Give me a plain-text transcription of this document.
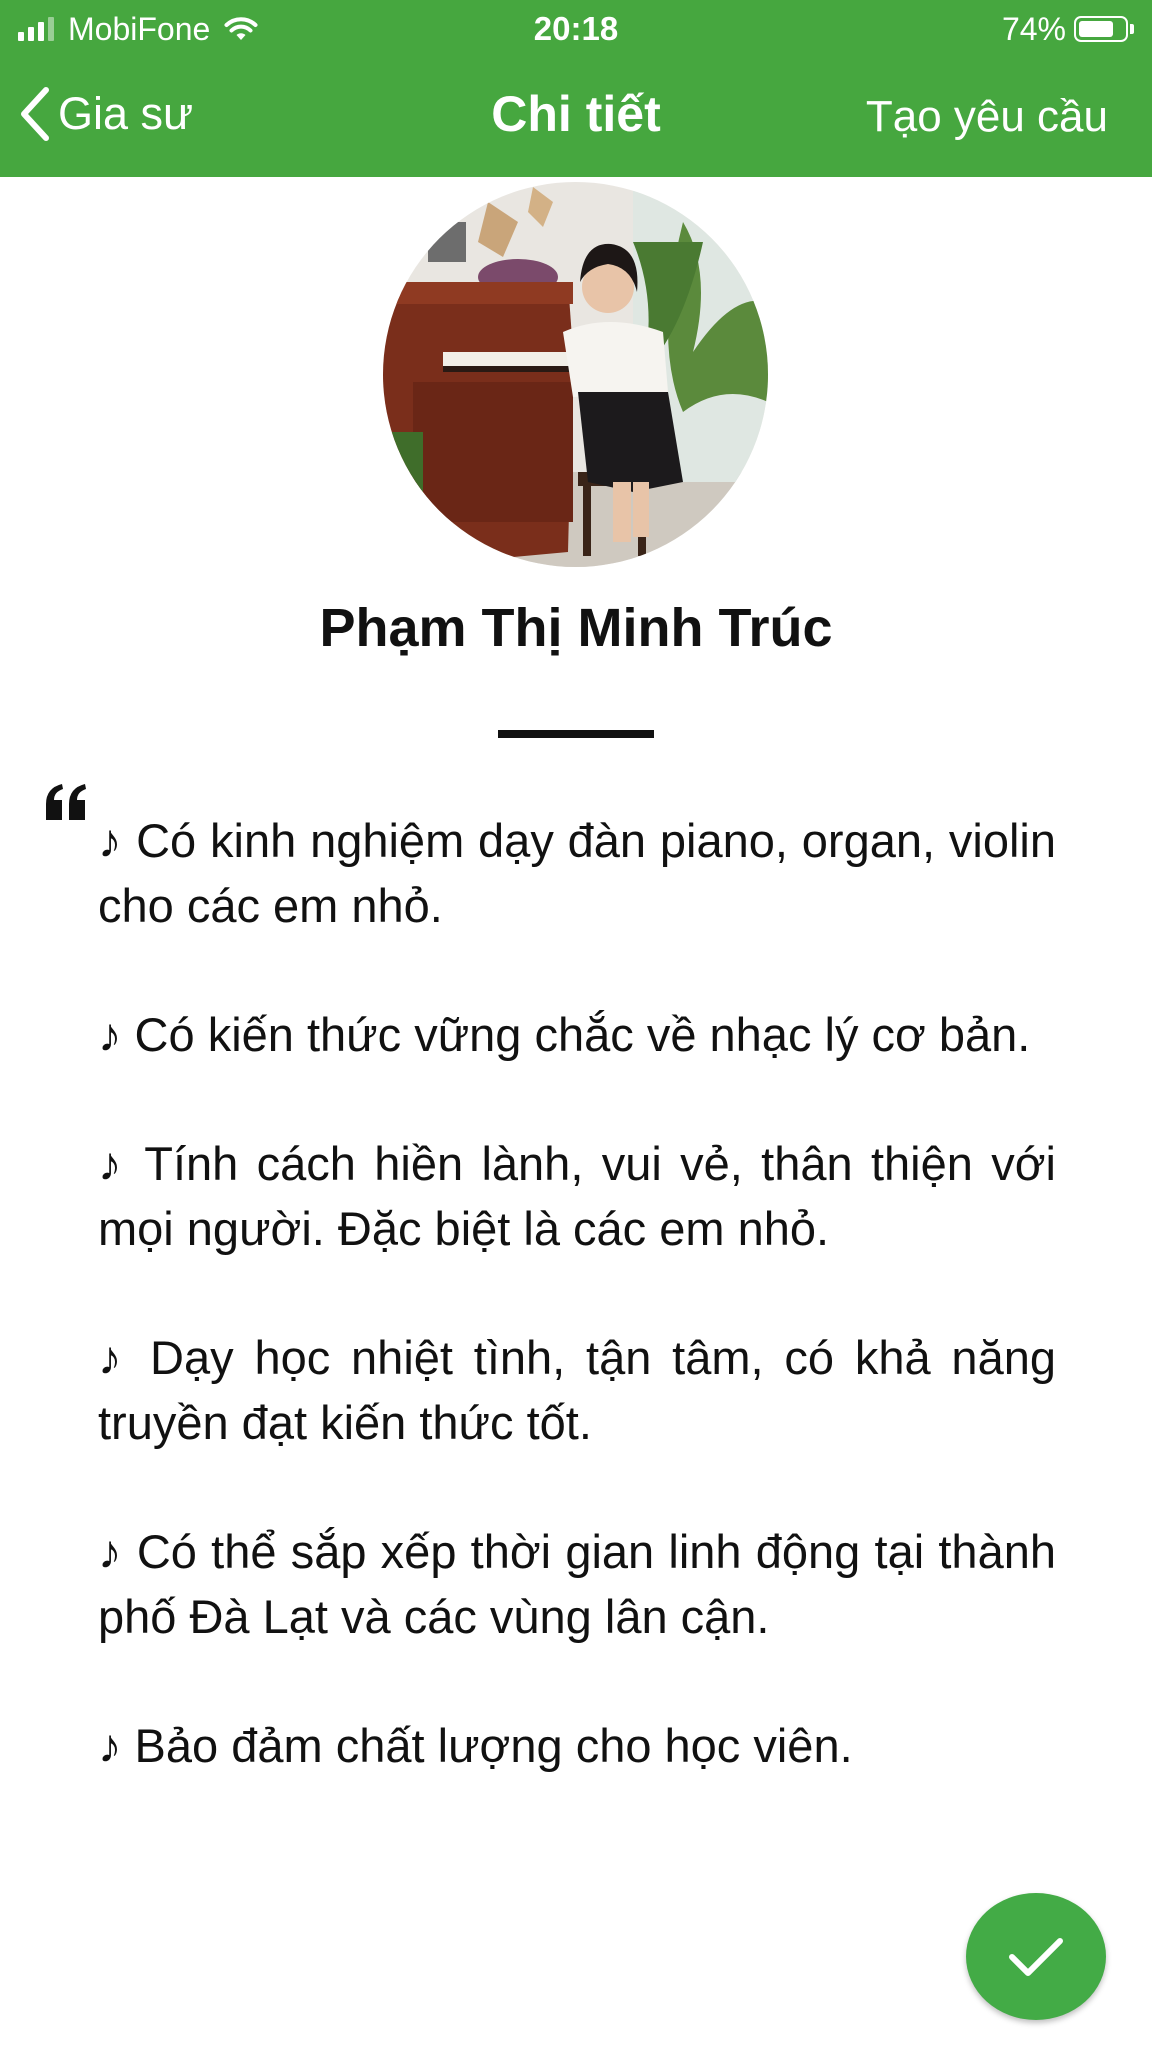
MobiFone	20:18	74%
Gia sư	Chi tiết	Tạo yêu cầu
Phạm Thị Minh Trúc

♪ Có kinh nghiệm dạy đàn piano, organ, violin cho các em nhỏ.

♪ Có kiến thức vững chắc về nhạc lý cơ bản.

♪ Tính cách hiền lành, vui vẻ, thân thiện với mọi người. Đặc biệt là các em nhỏ.

♪ Dạy học nhiệt tình, tận tâm, có khả năng truyền đạt kiến thức tốt.

♪ Có thể sắp xếp thời gian linh động tại thành phố Đà Lạt và các vùng lân cận.

♪ Bảo đảm chất lượng cho học viên.
